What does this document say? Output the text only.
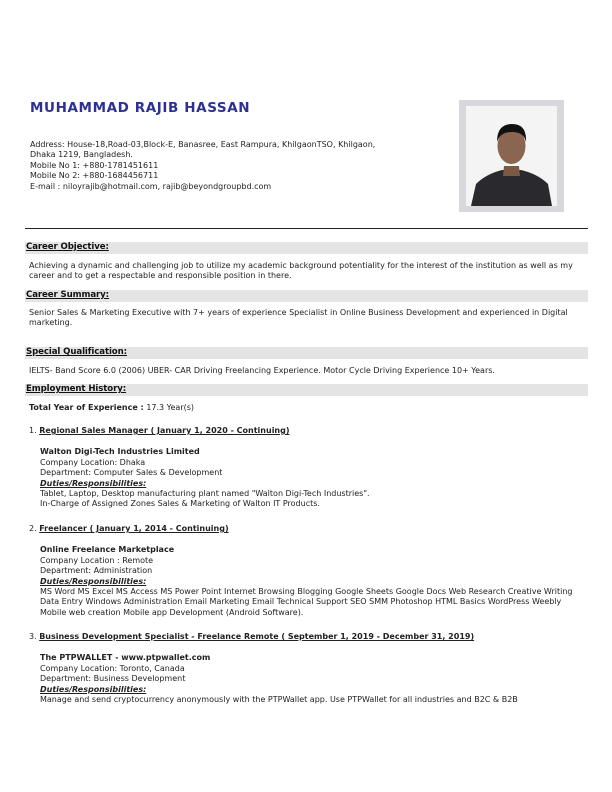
MUHAMMAD RAJIB HASSAN
Address: House-18,Road-03,Block-E, Banasree, East Rampura, KhilgaonTSO, Khilgaon,
Dhaka 1219, Bangladesh.
Mobile No 1: +880-1781451611
Mobile No 2: +880-1684456711
E-mail : niloyrajib@hotmail.com, rajib@beyondgroupbd.com
Career Objective:
Achieving a dynamic and challenging job to utilize my academic background potentiality for the interest of the institution as well as my career and to get a respectable and responsible position in there.
Career Summary:
Senior Sales & Marketing Executive with 7+ years of experience Specialist in Online Business Development and experienced in Digital marketing.
Special Qualification:
IELTS- Band Score 6.0 (2006) UBER- CAR Driving Freelancing Experience. Motor Cycle Driving Experience 10+ Years.
Employment History:
Total Year of Experience : 17.3 Year(s)
1. Regional Sales Manager ( January 1, 2020 - Continuing)
Walton Digi-Tech Industries Limited
Company Location: Dhaka
Department: Computer Sales & Development
Duties/Responsibilities:
Tablet, Laptop, Desktop manufacturing plant named "Walton Digi-Tech Industries".
In-Charge of Assigned Zones Sales & Marketing of Walton IT Products.
2. Freelancer ( January 1, 2014 - Continuing)
Online Freelance Marketplace
Company Location : Remote
Department: Administration
Duties/Responsibilities:
MS Word MS Excel MS Access MS Power Point Internet Browsing Blogging Google Sheets Google Docs Web Research Creative Writing Data Entry Windows Administration Email Marketing Email Technical Support SEO SMM Photoshop HTML Basics WordPress Weebly Mobile web creation Mobile app Development (Android Software).
3. Business Development Specialist - Freelance Remote ( September 1, 2019 - December 31, 2019)
The PTPWALLET - www.ptpwallet.com
Company Location: Toronto, Canada
Department: Business Development
Duties/Responsibilities:
Manage and send cryptocurrency anonymously with the PTPWallet app. Use PTPWallet for all industries and B2C & B2B
